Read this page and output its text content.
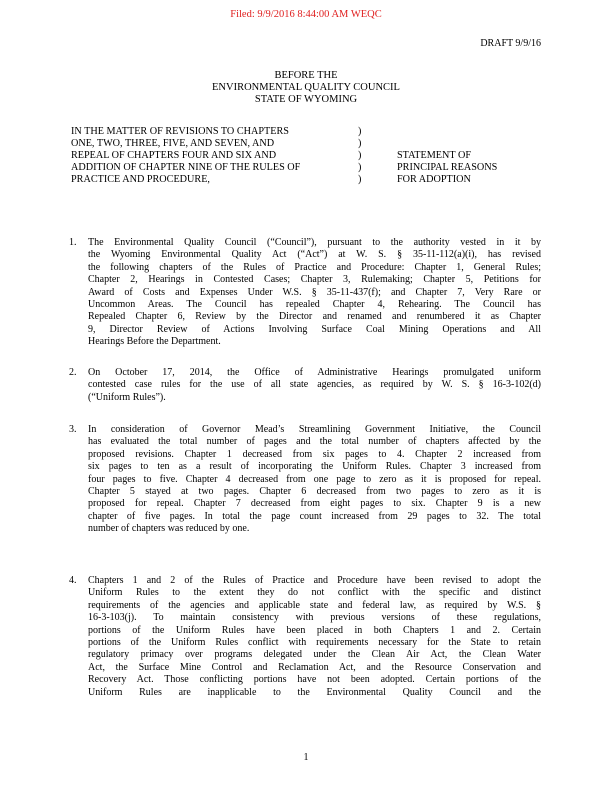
Filed: 9/9/2016 8:44:00 AM WEQC
DRAFT 9/9/16
BEFORE THE
ENVIRONMENTAL QUALITY COUNCIL
STATE OF WYOMING
IN THE MATTER OF REVISIONS TO CHAPTERS
ONE, TWO, THREE, FIVE, AND SEVEN, AND
REPEAL OF CHAPTERS FOUR AND SIX AND
ADDITION OF CHAPTER NINE OF THE RULES OF
PRACTICE AND PROCEDURE,
)
)
)
)
)
STATEMENT OF
PRINCIPAL REASONS
FOR ADOPTION
1. The Environmental Quality Council (“Council”), pursuant to the authority vested in it by
the Wyoming Environmental Quality Act (“Act”) at W. S. § 35-11-112(a)(i), has revised
the following chapters of the Rules of Practice and Procedure: Chapter 1, General Rules;
Chapter 2, Hearings in Contested Cases; Chapter 3, Rulemaking; Chapter 5, Petitions for
Award of Costs and Expenses Under W.S. § 35-11-437(f); and Chapter 7, Very Rare or
Uncommon Areas. The Council has repealed Chapter 4, Rehearing. The Council has
Repealed Chapter 6, Review by the Director and renamed and renumbered it as Chapter
9, Director Review of Actions Involving Surface Coal Mining Operations and All
Hearings Before the Department.
2. On October 17, 2014, the Office of Administrative Hearings promulgated uniform
contested case rules for the use of all state agencies, as required by W. S. § 16-3-102(d)
(“Uniform Rules”).
3. In consideration of Governor Mead’s Streamlining Government Initiative, the Council
has evaluated the total number of pages and the total number of chapters affected by the
proposed revisions. Chapter 1 decreased from six pages to 4. Chapter 2 increased from
six pages to ten as a result of incorporating the Uniform Rules. Chapter 3 increased from
four pages to five. Chapter 4 decreased from one page to zero as it is proposed for repeal.
Chapter 5 stayed at two pages. Chapter 6 decreased from two pages to zero as it is
proposed for repeal. Chapter 7 decreased from eight pages to six. Chapter 9 is a new
chapter of five pages. In total the page count increased from 29 pages to 32. The total
number of chapters was reduced by one.
4. Chapters 1 and 2 of the Rules of Practice and Procedure have been revised to adopt the
Uniform Rules to the extent they do not conflict with the specific and distinct
requirements of the agencies and applicable state and federal law, as required by W.S. §
16-3-103(j). To maintain consistency with previous versions of these regulations,
portions of the Uniform Rules have been placed in both Chapters 1 and 2. Certain
portions of the Uniform Rules conflict with requirements necessary for the State to retain
regulatory primacy over programs delegated under the Clean Air Act, the Clean Water
Act, the Surface Mine Control and Reclamation Act, and the Resource Conservation and
Recovery Act. Those conflicting portions have not been adopted. Certain portions of the
Uniform Rules are inapplicable to the Environmental Quality Council and the
1
